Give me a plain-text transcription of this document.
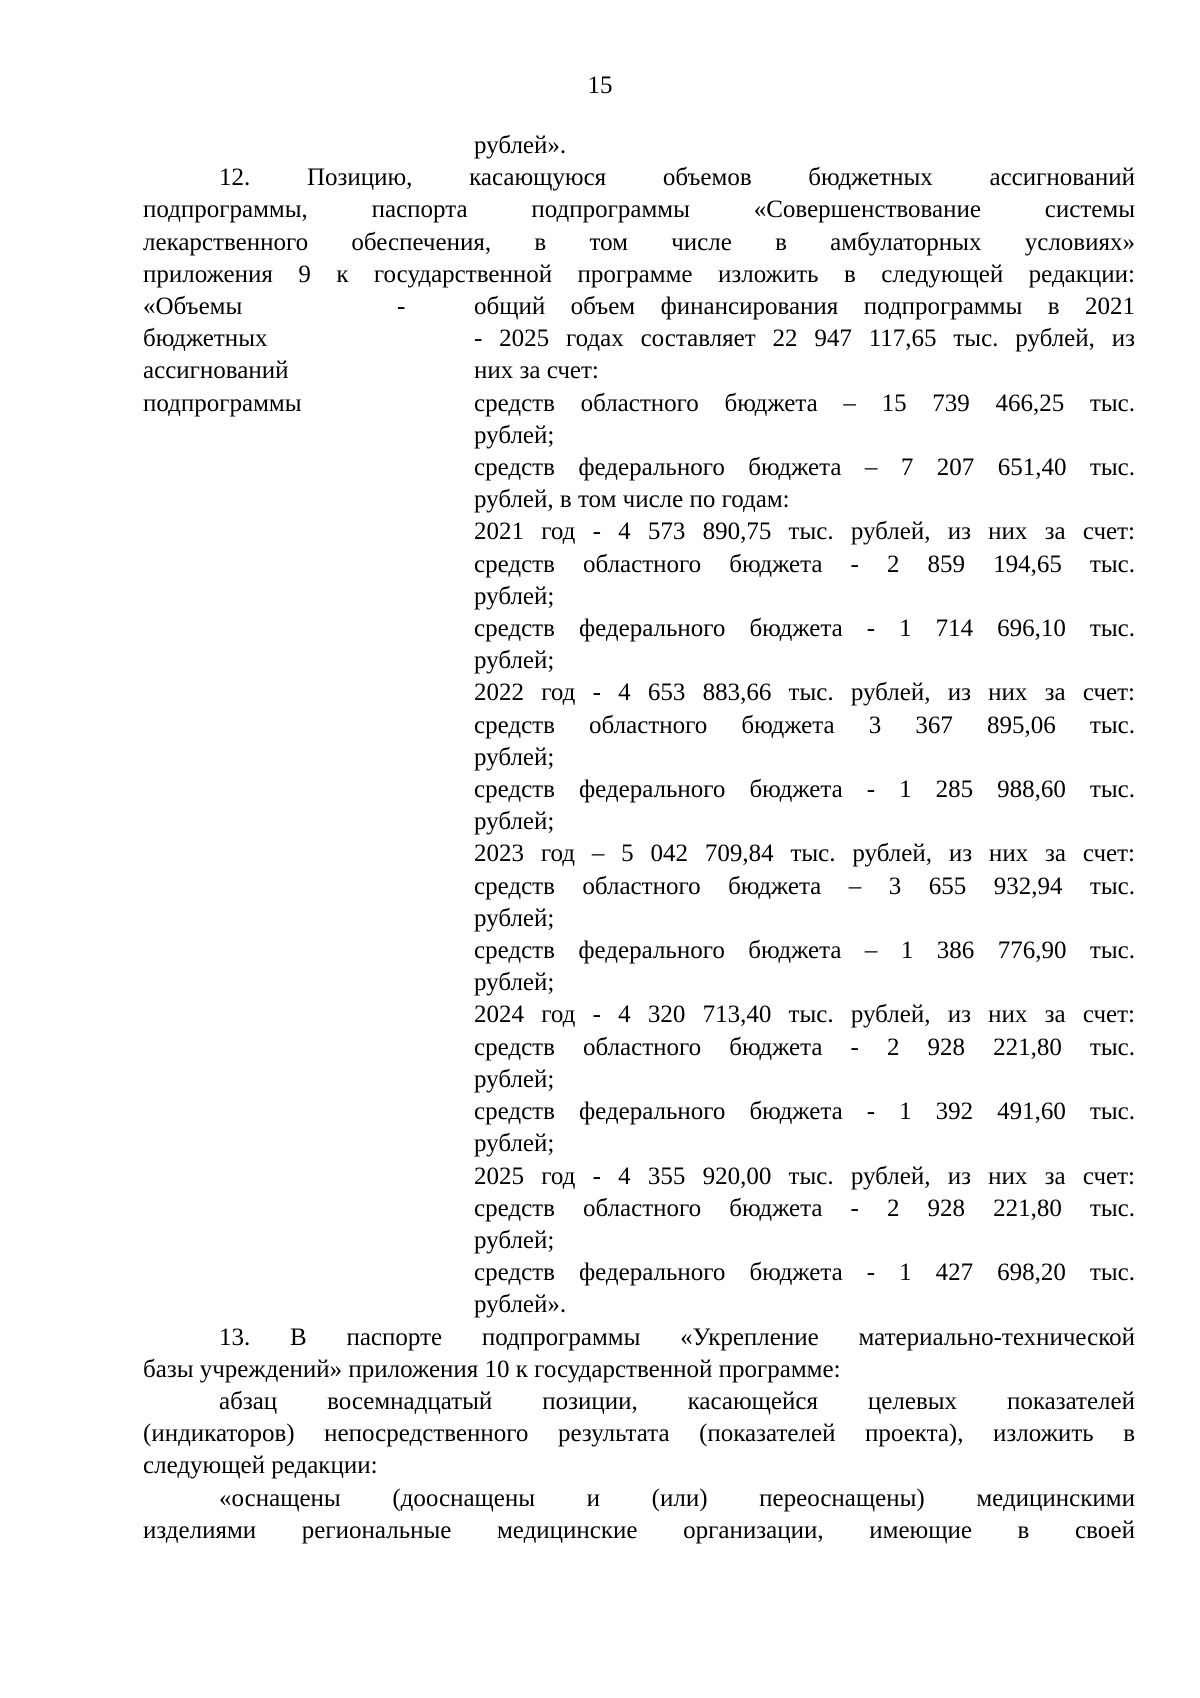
15

рублей».

12. Позицию, касающуюся объемов бюджетных ассигнований

подпрограммы, паспорта подпрограммы «Совершенствование системы

лекарственного обеспечения, в том числе в амбулаторных условиях»

приложения 9 к государственной программе изложить в следующей редакции:

«Объемы

бюджетных

ассигнований

подпрограммы

-	общий объем финансирования подпрограммы в 2021

- 2025 годах составляет 22 947 117,65 тыс. рублей, из

них за счет:

средств областного бюджета – 15 739 466,25 тыс.

рублей;

средств федерального бюджета – 7 207 651,40 тыс.

рублей, в том числе по годам:

2021 год - 4 573 890,75 тыс. рублей, из них за счет:

средств областного бюджета - 2 859 194,65 тыс.

рублей;

средств федерального бюджета - 1 714 696,10 тыс.

рублей;

2022 год - 4 653 883,66 тыс. рублей, из них за счет:

средств областного бюджета 3 367 895,06 тыс.

рублей;

средств федерального бюджета - 1 285 988,60 тыс.

рублей;

2023 год – 5 042 709,84 тыс. рублей, из них за счет:

средств областного бюджета – 3 655 932,94 тыс.

рублей;

средств федерального бюджета – 1 386 776,90 тыс.

рублей;

2024 год - 4 320 713,40 тыс. рублей, из них за счет:

средств областного бюджета - 2 928 221,80 тыс.

рублей;

средств федерального бюджета - 1 392 491,60 тыс.

рублей;

2025 год - 4 355 920,00 тыс. рублей, из них за счет:

средств областного бюджета - 2 928 221,80 тыс.

рублей;

средств федерального бюджета - 1 427 698,20 тыс.

рублей».

13. В паспорте подпрограммы «Укрепление материально-технической

базы учреждений» приложения 10 к государственной программе:

абзац восемнадцатый позиции, касающейся целевых показателей

(индикаторов) непосредственного результата (показателей проекта), изложить в

следующей редакции:

«оснащены (дооснащены и (или) переоснащены) медицинскими

изделиями региональные медицинские организации, имеющие в своей
